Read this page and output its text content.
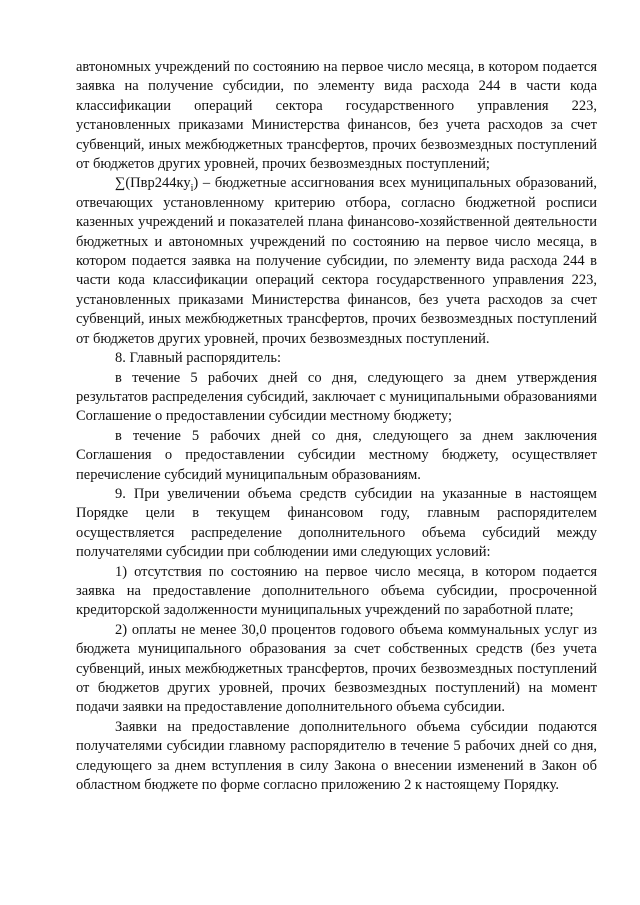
автономных учреждений по состоянию на первое число месяца, в котором подается заявка на получение субсидии, по элементу вида расхода 244 в части кода классификации операций сектора государственного управления 223, установленных приказами Министерства финансов, без учета расходов за счет субвенций, иных межбюджетных трансфертов, прочих безвозмездных поступлений от бюджетов других уровней, прочих безвозмездных поступлений;

$\sum(Пвр244ку_i)$ – бюджетные ассигнования всех муниципальных образований, отвечающих установленному критерию отбора, согласно бюджетной росписи казенных учреждений и показателей плана финансово-хозяйственной деятельности бюджетных и автономных учреждений по состоянию на первое число месяца, в котором подается заявка на получение субсидии, по элементу вида расхода 244 в части кода классификации операций сектора государственного управления 223, установленных приказами Министерства финансов, без учета расходов за счет субвенций, иных межбюджетных трансфертов, прочих безвозмездных поступлений от бюджетов других уровней, прочих безвозмездных поступлений.

8. Главный распорядитель:

в течение 5 рабочих дней со дня, следующего за днем утверждения результатов распределения субсидий, заключает с муниципальными образованиями Соглашение о предоставлении субсидии местному бюджету;

в течение 5 рабочих дней со дня, следующего за днем заключения Соглашения о предоставлении субсидии местному бюджету, осуществляет перечисление субсидий муниципальным образованиям.

9. При увеличении объема средств субсидии на указанные в настоящем Порядке цели в текущем финансовом году, главным распорядителем осуществляется распределение дополнительного объема субсидий между получателями субсидии при соблюдении ими следующих условий:

1) отсутствия по состоянию на первое число месяца, в котором подается заявка на предоставление дополнительного объема субсидии, просроченной кредиторской задолженности муниципальных учреждений по заработной плате;

2) оплаты не менее 30,0 процентов годового объема коммунальных услуг из бюджета муниципального образования за счет собственных средств (без учета субвенций, иных межбюджетных трансфертов, прочих безвозмездных поступлений от бюджетов других уровней, прочих безвозмездных поступлений) на момент подачи заявки на предоставление дополнительного объема субсидии.

Заявки на предоставление дополнительного объема субсидии подаются получателями субсидии главному распорядителю в течение 5 рабочих дней со дня, следующего за днем вступления в силу Закона о внесении изменений в Закон об областном бюджете по форме согласно приложению 2 к настоящему Порядку.
